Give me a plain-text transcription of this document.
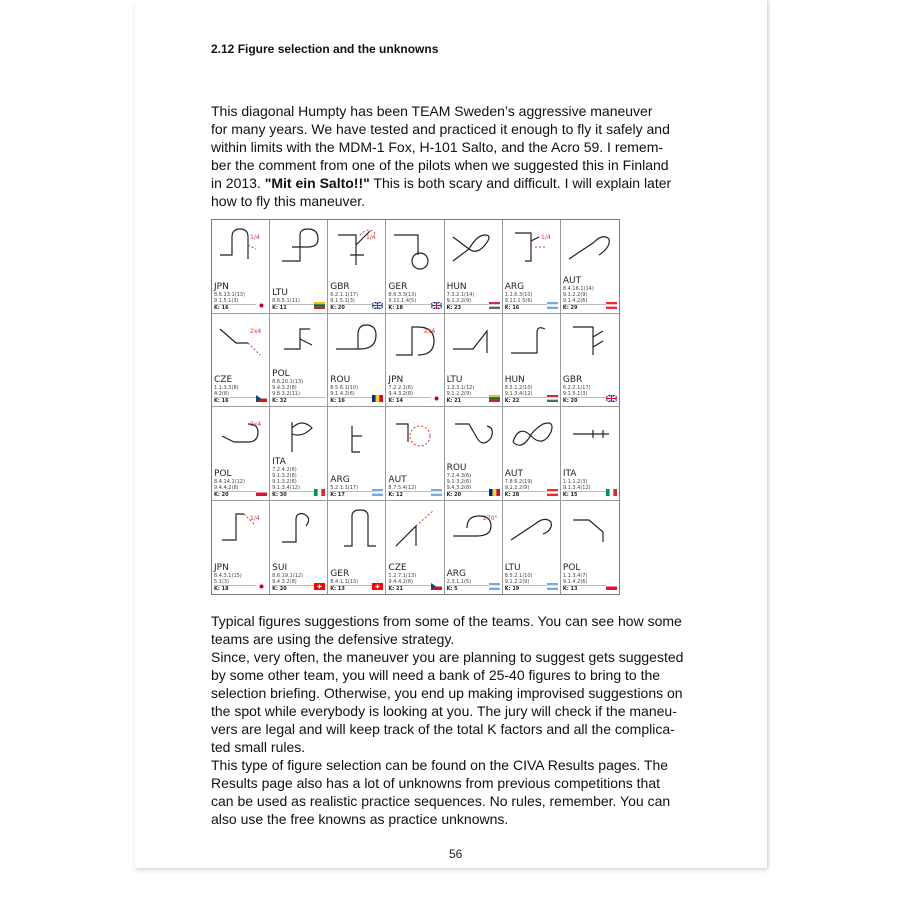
2.12 Figure selection and the unknowns
This diagonal Humpty has been TEAM Sweden’s aggressive maneuver
for many years. We have tested and practiced it enough to fly it safely and
within limits with the MDM-1 Fox, H-101 Salto, and the Acro 59. I remem-
ber the comment from one of the pilots when we suggested this in Finland
in 2013. "Mit ein Salto!!" This is both scary and difficult. I will explain later
how to fly this maneuver.
1/4
JPN
8.6.13.1(13)
9.1.5.1(3)
K: 16
LTU
8.6.5.1(11)
K: 11
1/4
GBR
6.2.1.1(17)
9.1.5.1(3)
K: 20
GER
8.6.3.3(13)
9.11.1.4(5)
K: 18
HUN
7.3.2.1(14)
9.1.2.2(9)
K: 23
1/4
ARG
1.1.6.3(10)
9.11.1.5(6)
K: 16
AUT
8.4.16.1(14)
9.1.2.2(9)
9.1.4.2(6)
K: 29
2x4
CZE
1.1.3.3(8)
4.2(8)
K: 16
POL
8.6.20.1(13)
9.4.3.2(8)
9.8.3.2(11)
K: 32
ROU
8.5.6.1(10)
9.1.4.2(6)
K: 16
2x4
JPN
7.2.2.1(6)
9.4.3.2(8)
K: 14
LTU
1.2.3.1(12)
9.1.2.2(9)
K: 21
HUN
8.5.1.2(10)
9.1.3.4(12)
K: 22
GBR
6.2.2.1(17)
9.1.5.1(3)
K: 20
2x4
POL
8.4.14.1(12)
9.4.4.2(8)
K: 20
ITA
7.2.4.2(6)
9.1.3.2(6)
9.1.3.2(6)
9.1.3.4(12)
K: 30
ARG
5.2.1.1(17)
K: 17
AUT
8.7.5.4(12)
K: 12
ROU
7.2.4.3(6)
9.1.3.2(6)
9.4.3.2(8)
K: 20
AUT
7.8.6.2(19)
9.1.2.2(9)
K: 28
ITA
1.1.1.2(3)
9.1.3.4(12)
K: 15
1/4
JPN
8.4.3.1(15)
5.1(3)
K: 18
SUI
8.6.19.1(12)
9.4.3.2(8)
K: 20
GER
8.4.1.1(13)
K: 13
CZE
1.2.7.1(13)
9.4.4.2(8)
K: 21
270°
ARG
2.3.1.1(5)
K: 5
LTU
8.5.2.1(10)
9.1.2.2(9)
K: 19
POL
1.1.3.4(7)
9.1.4.2(6)
K: 13
Typical figures suggestions from some of the teams. You can see how some
teams are using the defensive strategy.
Since, very often, the maneuver you are planning to suggest gets suggested
by some other team, you will need a bank of 25-40 figures to bring to the
selection briefing. Otherwise, you end up making improvised suggestions on
the spot while everybody is looking at you. The jury will check if the maneu-
vers are legal and will keep track of the total K factors and all the complica-
ted small rules.
This type of figure selection can be found on the CIVA Results pages. The
Results page also has a lot of unknowns from previous competitions that
can be used as realistic practice sequences. No rules, remember. You can
also use the free knowns as practice unknowns.
56
